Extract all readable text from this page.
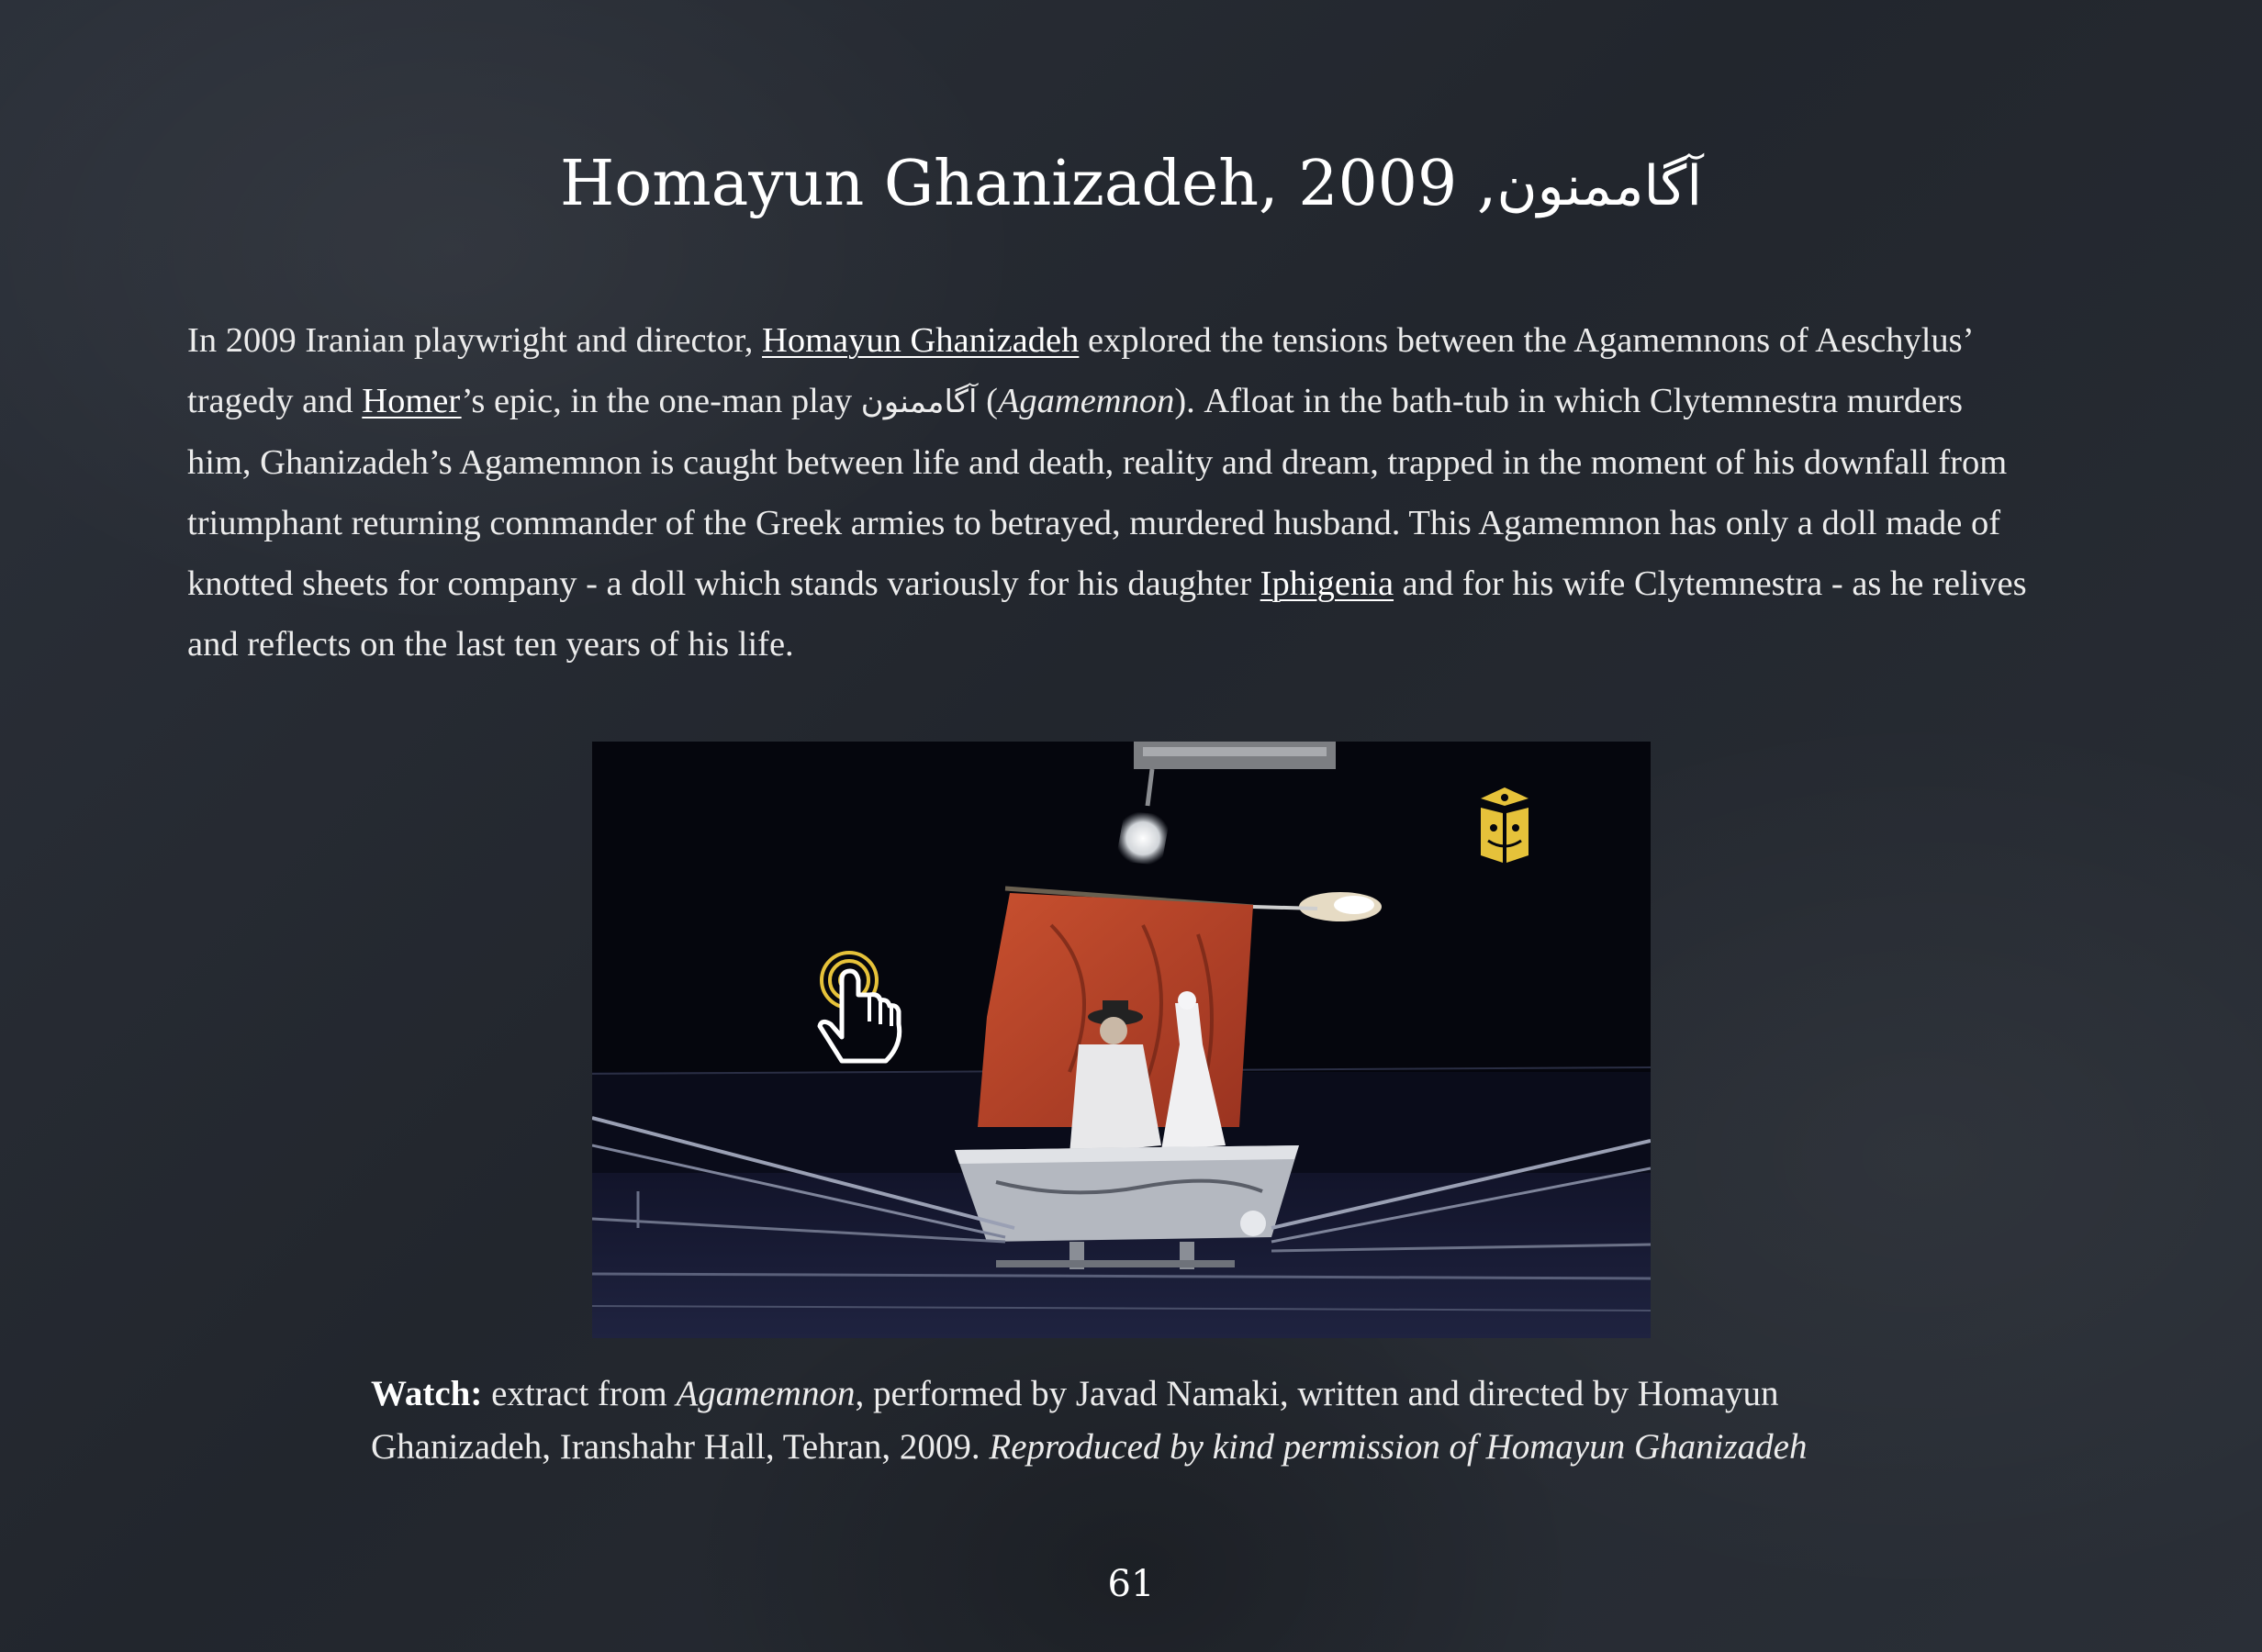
Homayun Ghanizadeh,	آگاممنون, 2009

In 2009 Iranian playwright and director, Homayun Ghanizadeh explored the tensions between the Agamemnons of Aeschylus’ tragedy and Homer’s epic, in the one-man play آگاممنون (Agamemnon). Afloat in the bath-tub in which Clytemnestra murders him, Ghanizadeh’s Agamemnon is caught between life and death, reality and dream, trapped in the moment of his downfall from triumphant returning commander of the Greek armies to betrayed, murdered husband. This Agamemnon has only a doll made of knotted sheets for company - a doll which stands variously for his daughter Iphigenia and for his wife Clytemnestra - as he relives and reflects on the last ten years of his life.

Watch: extract from Agamemnon, performed by Javad Namaki, written and directed by Homayun Ghanizadeh, Iranshahr Hall, Tehran, 2009. Reproduced by kind permission of Homayun Ghanizadeh

61
